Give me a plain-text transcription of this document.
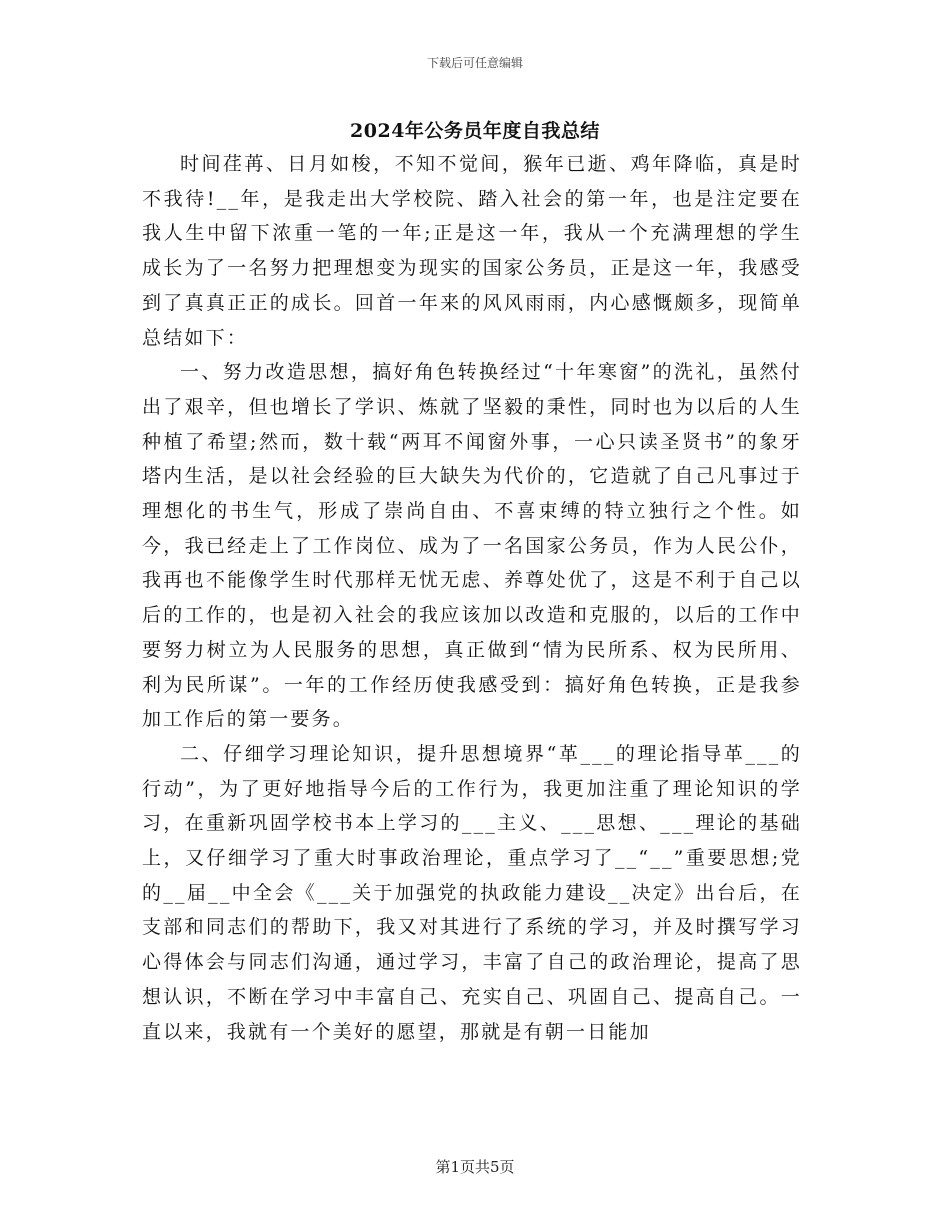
下载后可任意编辑
2024年公务员年度自我总结

时间荏苒、日月如梭，不知不觉间，猴年已逝、鸡年降临，真是时不我待!__年，是我走出大学校院、踏入社会的第一年，也是注定要在我人生中留下浓重一笔的一年;正是这一年，我从一个充满理想的学生成长为了一名努力把理想变为现实的国家公务员，正是这一年，我感受到了真真正正的成长。回首一年来的风风雨雨，内心感慨颇多，现简单总结如下：

一、努力改造思想，搞好角色转换经过“十年寒窗”的洗礼，虽然付出了艰辛，但也增长了学识、炼就了坚毅的秉性，同时也为以后的人生种植了希望;然而，数十载“两耳不闻窗外事，一心只读圣贤书”的象牙塔内生活，是以社会经验的巨大缺失为代价的，它造就了自己凡事过于理想化的书生气，形成了崇尚自由、不喜束缚的特立独行之个性。如今，我已经走上了工作岗位、成为了一名国家公务员，作为人民公仆，我再也不能像学生时代那样无忧无虑、养尊处优了，这是不利于自己以后的工作的，也是初入社会的我应该加以改造和克服的，以后的工作中要努力树立为人民服务的思想，真正做到“情为民所系、权为民所用、利为民所谋”。一年的工作经历使我感受到：搞好角色转换，正是我参加工作后的第一要务。

二、仔细学习理论知识，提升思想境界“革___的理论指导革___的行动”，为了更好地指导今后的工作行为，我更加注重了理论知识的学习，在重新巩固学校书本上学习的___主义、___思想、___理论的基础上，又仔细学习了重大时事政治理论，重点学习了__“__”重要思想;党的__届__中全会《___关于加强党的执政能力建设__决定》出台后，在支部和同志们的帮助下，我又对其进行了系统的学习，并及时撰写学习心得体会与同志们沟通，通过学习，丰富了自己的政治理论，提高了思想认识，不断在学习中丰富自己、充实自己、巩固自己、提高自己。一直以来，我就有一个美好的愿望，那就是有朝一日能加

第1页共5页
